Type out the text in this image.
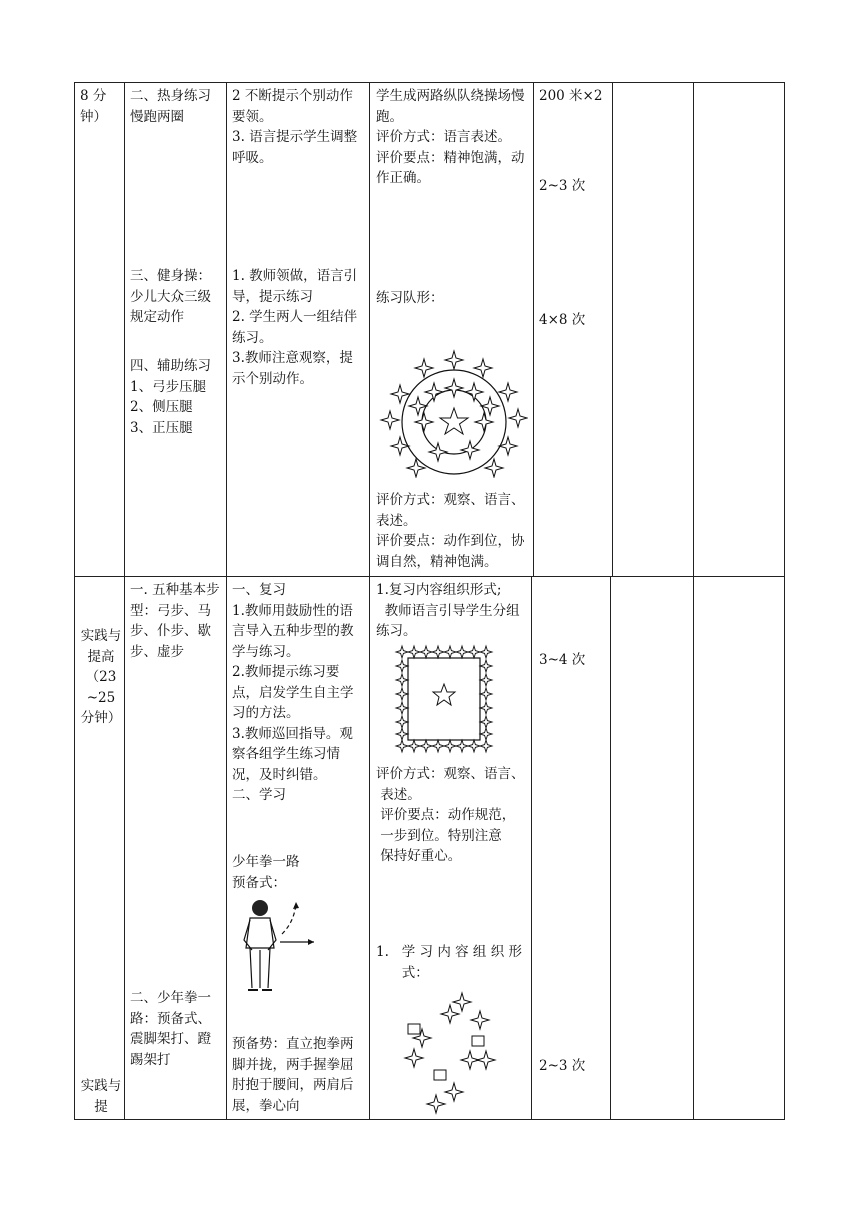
8 分钟）
二、热身练习慢跑两圈
三、健身操：少儿大众三级规定动作
四、辅助练习
1、弓步压腿
2、侧压腿
3、正压腿
2 不断提示个别动作要领。
3. 语言提示学生调整呼吸。
1. 教师领做，语言引导，提示练习
2. 学生两人一组结伴练习。
3.教师注意观察，提示个别动作。
学生成两路纵队绕操场慢跑。
评价方式：语言表述。
评价要点：精神饱满，动作正确。
练习队形：
评价方式：观察、语言、表述。
评价要点：动作到位，协调自然，精神饱满。
200 米×2
2~3 次
4×8 次
实践与提高（23 ~25 分钟）
实践与提
一. 五种基本步型：弓步、马步、仆步、歇步、虚步
二、少年拳一路：预备式、震脚架打、蹬踢架打
一、复习
1.教师用鼓励性的语言导入五种步型的教学与练习。
2.教师提示练习要点，启发学生自主学习的方法。
3.教师巡回指导。观察各组学生练习情况，及时纠错。
二、学习
少年拳一路
预备式：
预备势：直立抱拳两脚并拢，两手握拳屈肘抱于腰间，两肩后展，拳心向
1.复习内容组织形式;
教师语言引导学生分组练习。
评价方式：观察、语言、
表述。
评价要点：动作规范，
一步到位。特别注意
保持好重心。
1.   学 习 内 容 组 织 形
式：
3~4 次
2~3 次
